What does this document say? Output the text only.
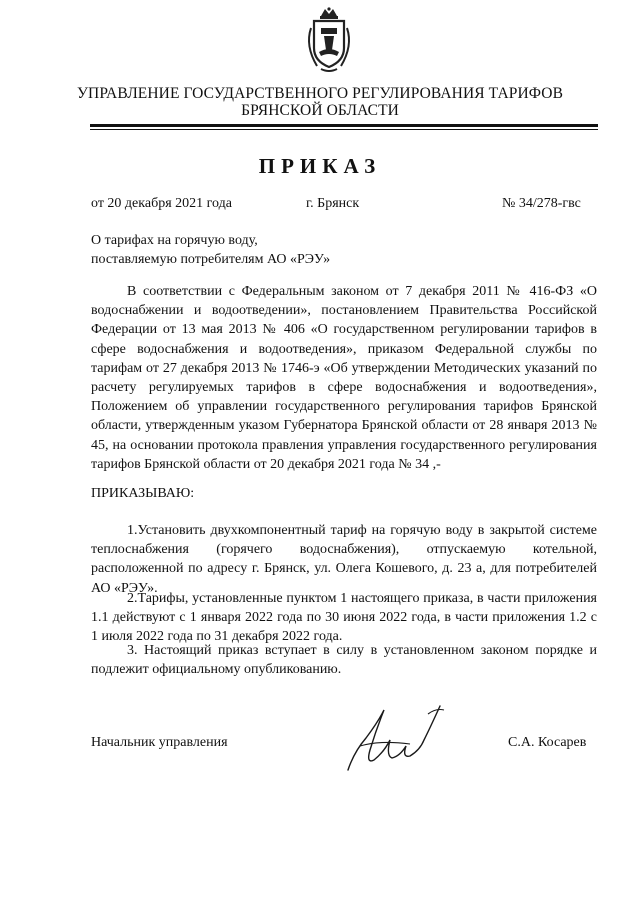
УПРАВЛЕНИЕ ГОСУДАРСТВЕННОГО РЕГУЛИРОВАНИЯ ТАРИФОВ
БРЯНСКОЙ ОБЛАСТИ
ПРИКАЗ
от 20 декабря 2021 года	г. Брянск	№ 34/278-гвс
О тарифах на горячую воду,
поставляемую потребителям АО «РЭУ»
В соответствии с Федеральным законом от 7 декабря 2011 № 416-ФЗ «О водоснабжении и водоотведении», постановлением Правительства Российской Федерации от 13 мая 2013 № 406 «О государственном регулировании тарифов в сфере водоснабжения и водоотведения», приказом Федеральной службы по тарифам от 27 декабря 2013 № 1746-э «Об утверждении Методических указаний по расчету регулируемых тарифов в сфере водоснабжения и водоотведения», Положением об управлении государственного регулирования тарифов Брянской области, утвержденным указом Губернатора Брянской области от 28 января 2013 № 45, на основании протокола правления управления государственного регулирования тарифов Брянской области от 20 декабря 2021 года № 34 ,-
ПРИКАЗЫВАЮ:
1.Установить двухкомпонентный тариф на горячую воду в закрытой системе теплоснабжения (горячего водоснабжения), отпускаемую котельной, расположенной по адресу г. Брянск, ул. Олега Кошевого, д. 23 а, для потребителей АО «РЭУ».
2.Тарифы, установленные пунктом 1 настоящего приказа, в части приложения 1.1 действуют с 1 января 2022 года по 30 июня 2022 года, в части приложения 1.2 с 1 июля 2022 года по 31 декабря 2022 года.
3. Настоящий приказ вступает в силу в установленном законом порядке и подлежит официальному опубликованию.
Начальник управления	С.А. Косарев
